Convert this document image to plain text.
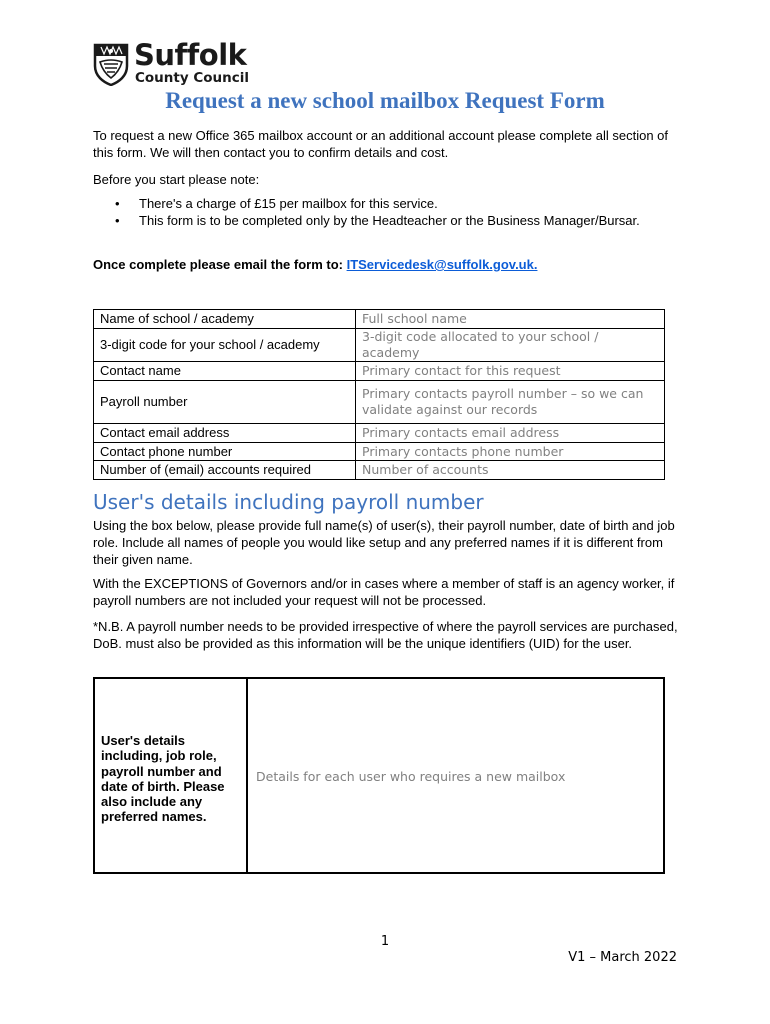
Suffolk
County Council
Request a new school mailbox Request Form

To request a new Office 365 mailbox account or an additional account please complete all section of this form. We will then contact you to confirm details and cost.

Before you start please note:

• There's a charge of £15 per mailbox for this service.
• This form is to be completed only by the Headteacher or the Business Manager/Bursar.

Once complete please email the form to: ITServicedesk@suffolk.gov.uk.

Name of school / academy	Full school name
3-digit code for your school / academy	3-digit code allocated to your school / academy
Contact name	Primary contact for this request
Payroll number	Primary contacts payroll number – so we can validate against our records
Contact email address	Primary contacts email address
Contact phone number	Primary contacts phone number
Number of (email) accounts required	Number of accounts
User's details including payroll number

Using the box below, please provide full name(s) of user(s), their payroll number, date of birth and job role. Include all names of people you would like setup and any preferred names if it is different from their given name.

With the EXCEPTIONS of Governors and/or in cases where a member of staff is an agency worker, if payroll numbers are not included your request will not be processed.

*N.B. A payroll number needs to be provided irrespective of where the payroll services are purchased, DoB. must also be provided as this information will be the unique identifiers (UID) for the user.

User's details including, job role, payroll number and date of birth. Please also include any preferred names.
Details for each user who requires a new mailbox
1
V1 – March 2022
